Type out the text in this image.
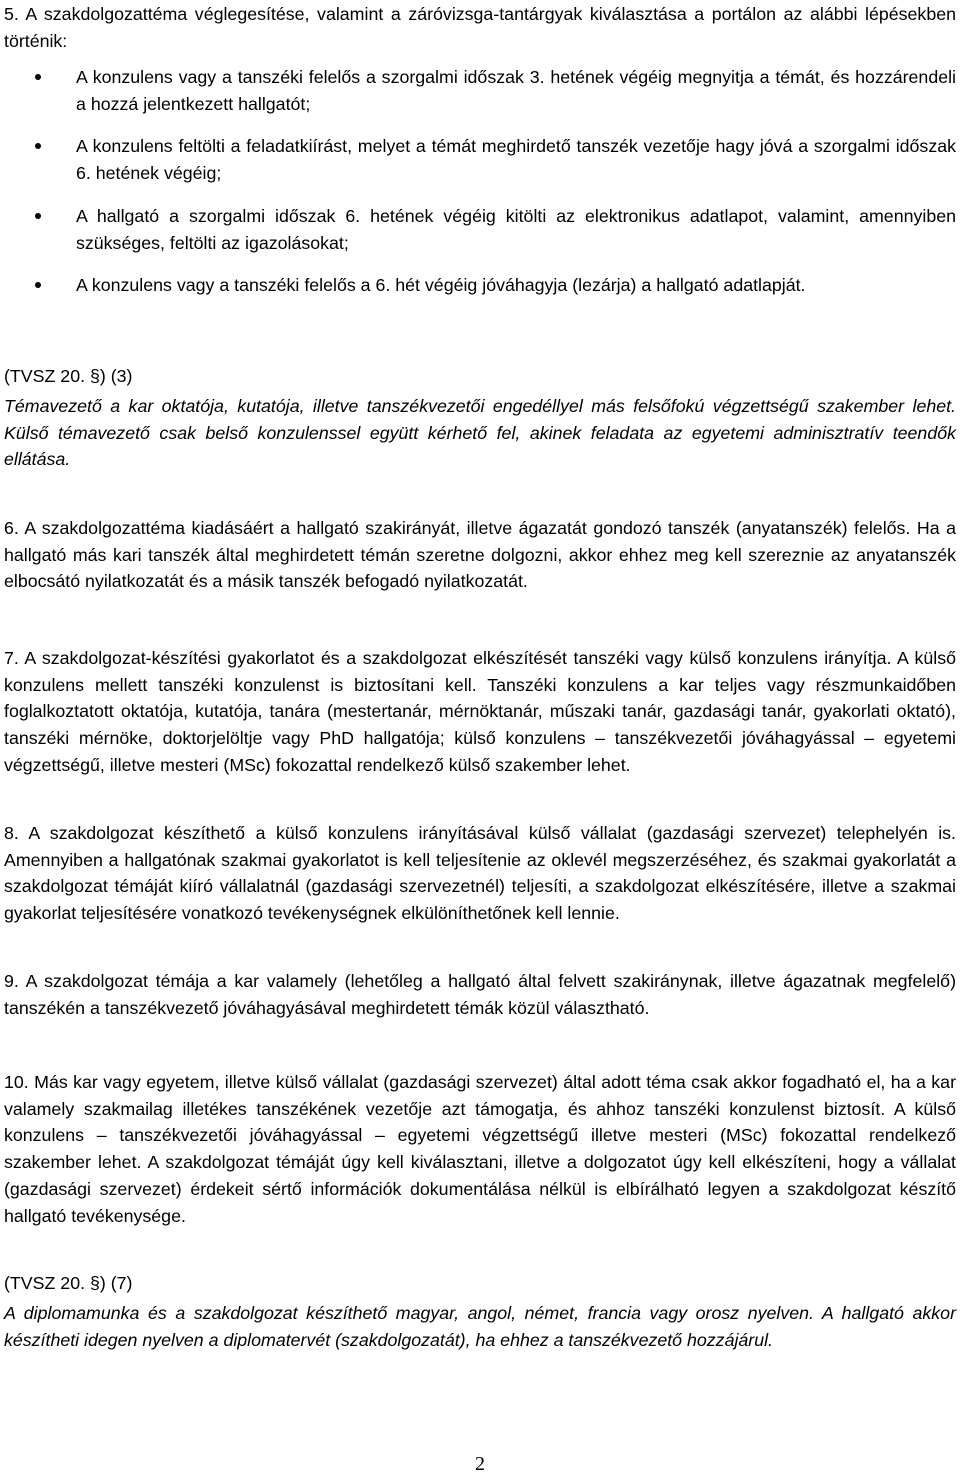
5. A szakdolgozattéma véglegesítése, valamint a záróvizsga-tantárgyak kiválasztása a portálon az alábbi lépésekben történik:

A konzulens vagy a tanszéki felelős a szorgalmi időszak 3. hetének végéig megnyitja a témát, és hozzárendeli a hozzá jelentkezett hallgatót;
A konzulens feltölti a feladatkiírást, melyet a témát meghirdető tanszék vezetője hagy jóvá a szorgalmi időszak 6. hetének végéig;
A hallgató a szorgalmi időszak 6. hetének végéig kitölti az elektronikus adatlapot, valamint, amennyiben szükséges, feltölti az igazolásokat;
A konzulens vagy a tanszéki felelős a 6. hét végéig jóváhagyja (lezárja) a hallgató adatlapját.

(TVSZ 20. §) (3)

Témavezető a kar oktatója, kutatója, illetve tanszékvezetői engedéllyel más felsőfokú végzettségű szakember lehet. Külső témavezető csak belső konzulenssel együtt kérhető fel, akinek feladata az egyetemi adminisztratív teendők ellátása.

6. A szakdolgozattéma kiadásáért a hallgató szakirányát, illetve ágazatát gondozó tanszék (anyatanszék) felelős. Ha a hallgató más kari tanszék által meghirdetett témán szeretne dolgozni, akkor ehhez meg kell szereznie az anyatanszék elbocsátó nyilatkozatát és a másik tanszék befogadó nyilatkozatát.

7. A szakdolgozat-készítési gyakorlatot és a szakdolgozat elkészítését tanszéki vagy külső konzulens irányítja. A külső konzulens mellett tanszéki konzulenst is biztosítani kell. Tanszéki konzulens a kar teljes vagy részmunkaidőben foglalkoztatott oktatója, kutatója, tanára (mestertanár, mérnöktanár, műszaki tanár, gazdasági tanár, gyakorlati oktató), tanszéki mérnöke, doktorjelöltje vagy PhD hallgatója; külső konzulens – tanszékvezetői jóváhagyással – egyetemi végzettségű, illetve mesteri (MSc) fokozattal rendelkező külső szakember lehet.

8. A szakdolgozat készíthető a külső konzulens irányításával külső vállalat (gazdasági szervezet) telephelyén is. Amennyiben a hallgatónak szakmai gyakorlatot is kell teljesítenie az oklevél megszerzéséhez, és szakmai gyakorlatát a szakdolgozat témáját kiíró vállalatnál (gazdasági szervezetnél) teljesíti, a szakdolgozat elkészítésére, illetve a szakmai gyakorlat teljesítésére vonatkozó tevékenységnek elkülöníthetőnek kell lennie.

9. A szakdolgozat témája a kar valamely (lehetőleg a hallgató által felvett szakiránynak, illetve ágazatnak megfelelő) tanszékén a tanszékvezető jóváhagyásával meghirdetett témák közül választható.

10. Más kar vagy egyetem, illetve külső vállalat (gazdasági szervezet) által adott téma csak akkor fogadható el, ha a kar valamely szakmailag illetékes tanszékének vezetője azt támogatja, és ahhoz tanszéki konzulenst biztosít. A külső konzulens – tanszékvezetői jóváhagyással – egyetemi végzettségű illetve mesteri (MSc) fokozattal rendelkező szakember lehet. A szakdolgozat témáját úgy kell kiválasztani, illetve a dolgozatot úgy kell elkészíteni, hogy a vállalat (gazdasági szervezet) érdekeit sértő információk dokumentálása nélkül is elbírálható legyen a szakdolgozat készítő hallgató tevékenysége.

(TVSZ 20. §) (7)

A diplomamunka és a szakdolgozat készíthető magyar, angol, német, francia vagy orosz nyelven. A hallgató akkor készítheti idegen nyelven a diplomatervét (szakdolgozatát), ha ehhez a tanszékvezető hozzájárul.

2
